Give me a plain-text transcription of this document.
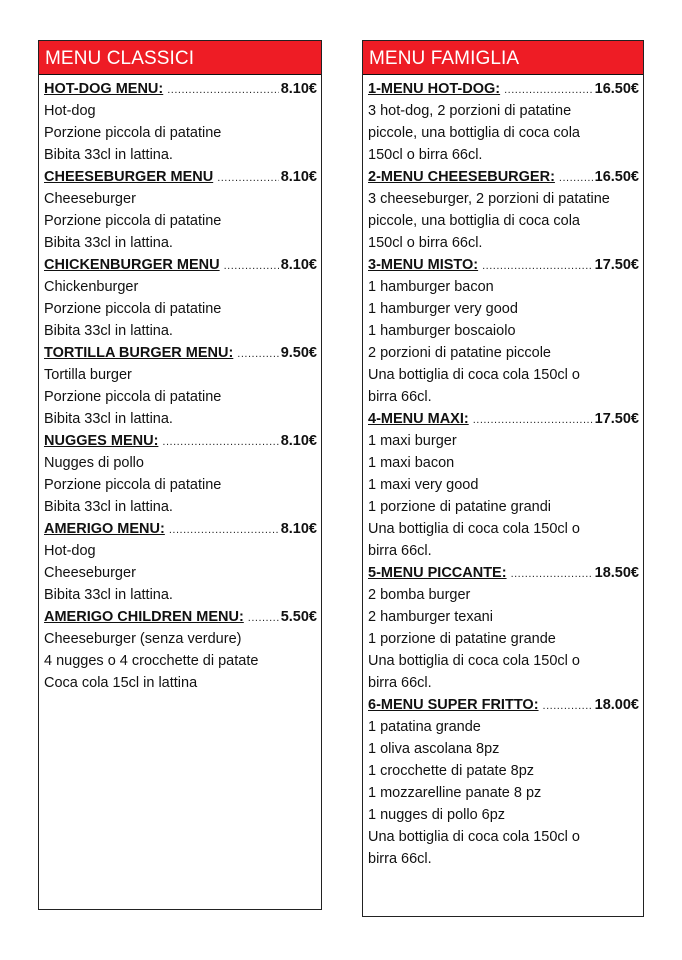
MENU CLASSICI
HOT-DOG MENU: .....	8.10€
Hot-dog
Porzione piccola di patatine
Bibita 33cl in lattina.
CHEESEBURGER MENU .....	8.10€
Cheeseburger
Porzione piccola di patatine
Bibita 33cl in lattina.
CHICKENBURGER MENU .....	8.10€
Chickenburger
Porzione piccola di patatine
Bibita 33cl in lattina.
TORTILLA BURGER MENU: .....	9.50€
Tortilla burger
Porzione piccola di patatine
Bibita 33cl in lattina.
NUGGES MENU: .....	8.10€
Nugges di pollo
Porzione piccola di patatine
Bibita 33cl in lattina.
AMERIGO MENU: .....	8.10€
Hot-dog
Cheeseburger
Bibita 33cl in lattina.
AMERIGO CHILDREN MENU: .....	5.50€
Cheeseburger (senza verdure)
4 nugges o 4 crocchette di patate
Coca cola 15cl in lattina
MENU FAMIGLIA
1-MENU HOT-DOG: .....	16.50€
3 hot-dog, 2 porzioni di patatine
piccole, una bottiglia di coca cola
150cl o birra 66cl.
2-MENU CHEESEBURGER: .....	16.50€
3 cheeseburger, 2 porzioni di patatine
piccole, una bottiglia di coca cola
150cl o birra 66cl.
3-MENU MISTO: .....	17.50€
1 hamburger bacon
1 hamburger very good
1 hamburger boscaiolo
2 porzioni di patatine piccole
Una bottiglia di coca cola 150cl o
birra 66cl.
4-MENU MAXI: .....	17.50€
1 maxi burger
1 maxi bacon
1 maxi very good
1 porzione di patatine grandi
Una bottiglia di coca cola 150cl o
birra 66cl.
5-MENU PICCANTE: .....	18.50€
2 bomba burger
2 hamburger texani
1 porzione di patatine grande
Una bottiglia di coca cola 150cl o
birra 66cl.
6-MENU SUPER FRITTO: .....	18.00€
1 patatina grande
1 oliva ascolana 8pz
1 crocchette di patate 8pz
1 mozzarelline panate 8 pz
1 nugges di pollo 6pz
Una bottiglia di coca cola 150cl o
birra 66cl.
